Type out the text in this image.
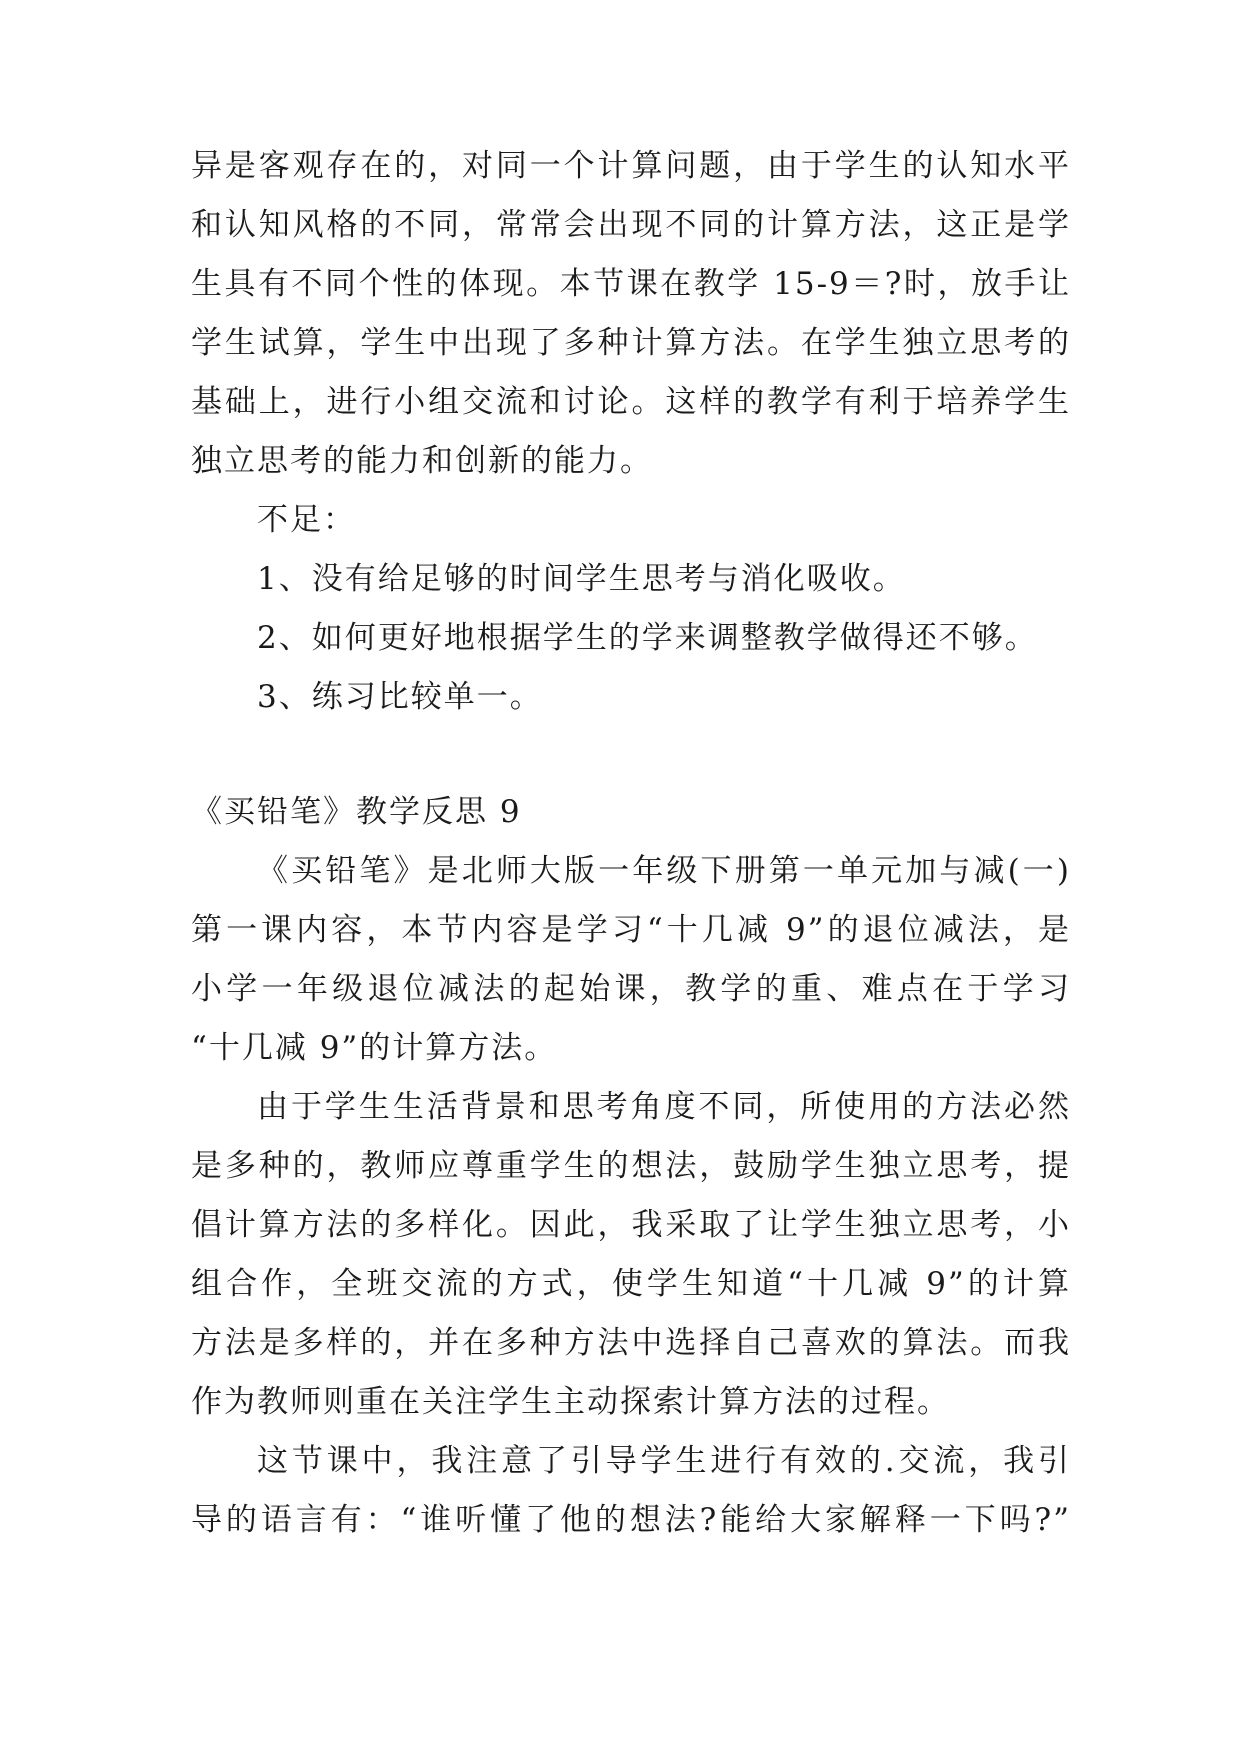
异是客观存在的，对同一个计算问题，由于学生的认知水平
和认知风格的不同，常常会出现不同的计算方法，这正是学
生具有不同个性的体现。本节课在教学 15-9＝?时，放手让
学生试算，学生中出现了多种计算方法。在学生独立思考的
基础上，进行小组交流和讨论。这样的教学有利于培养学生
独立思考的能力和创新的能力。
不足：
1、没有给足够的时间学生思考与消化吸收。
2、如何更好地根据学生的学来调整教学做得还不够。
3、练习比较单一。
《买铅笔》教学反思 9
《买铅笔》是北师大版一年级下册第一单元加与减(一)
第一课内容，本节内容是学习“十几减 9”的退位减法，是
小学一年级退位减法的起始课，教学的重、难点在于学习
“十几减 9”的计算方法。
由于学生生活背景和思考角度不同，所使用的方法必然
是多种的，教师应尊重学生的想法，鼓励学生独立思考，提
倡计算方法的多样化。因此，我采取了让学生独立思考，小
组合作，全班交流的方式，使学生知道“十几减 9”的计算
方法是多样的，并在多种方法中选择自己喜欢的算法。而我
作为教师则重在关注学生主动探索计算方法的过程。
这节课中，我注意了引导学生进行有效的.交流，我引
导的语言有：“谁听懂了他的想法?能给大家解释一下吗?”
